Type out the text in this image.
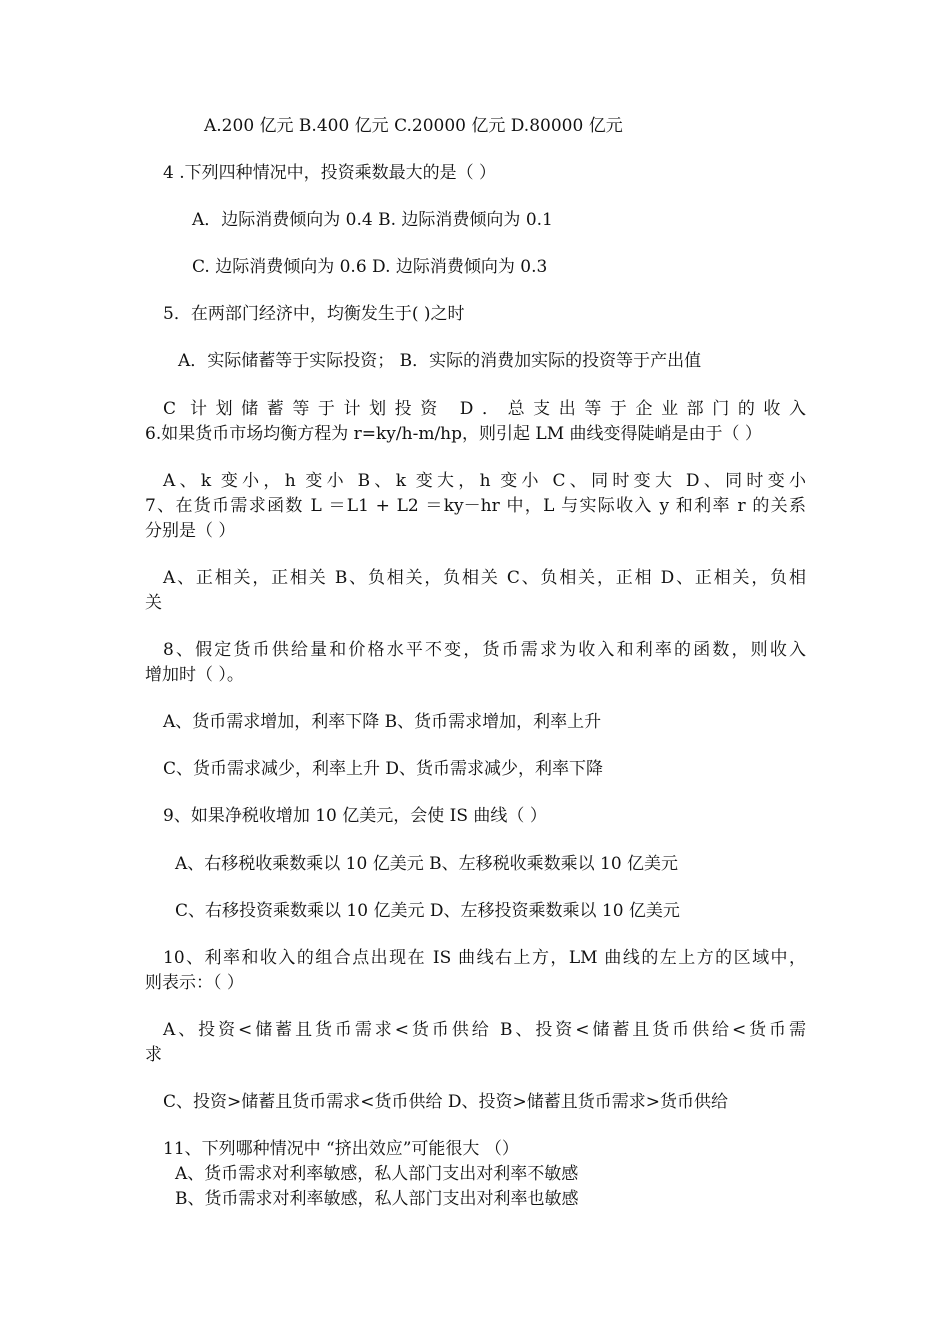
A.200 亿元 B.400 亿元 C.20000 亿元 D.80000 亿元
4 .下列四种情况中，投资乘数最大的是（ ）
A．边际消费倾向为 0.4 B. 边际消费倾向为 0.1
C. 边际消费倾向为 0.6 D. 边际消费倾向为 0.3
5．在两部门经济中，均衡发生于( )之时
A．实际储蓄等于实际投资； B．实际的消费加实际的投资等于产出值
C 计划储蓄等于计划投资 D．总支出等于企业部门的收入
6.如果货币市场均衡方程为 r=ky/h-m/hp，则引起 LM 曲线变得陡峭是由于（ ）
A、k 变小，h 变小 B、k 变大，h 变小 C、同时变大 D、同时变小
7、在货币需求函数 L ＝L1 + L2 ＝ky－hr 中，L 与实际收入 y 和利率 r 的关系
分别是（ ）
A、正相关，正相关 B、负相关，负相关 C、负相关，正相 D、正相关，负相
关
8、假定货币供给量和价格水平不变，货币需求为收入和利率的函数，则收入
增加时（ ）。
A、货币需求增加，利率下降 B、货币需求增加，利率上升
C、货币需求减少，利率上升 D、货币需求减少，利率下降
9、如果净税收增加 10 亿美元，会使 IS 曲线（ ）
A、右移税收乘数乘以 10 亿美元 B、左移税收乘数乘以 10 亿美元
C、右移投资乘数乘以 10 亿美元 D、左移投资乘数乘以 10 亿美元
10、利率和收入的组合点出现在 IS 曲线右上方，LM 曲线的左上方的区域中，
则表示：（ ）
A、投资<储蓄且货币需求<货币供给 B、投资<储蓄且货币供给<货币需
求
C、投资>储蓄且货币需求<货币供给 D、投资>储蓄且货币需求>货币供给
11、下列哪种情况中 “挤出效应”可能很大 （）
A、货币需求对利率敏感，私人部门支出对利率不敏感
B、货币需求对利率敏感，私人部门支出对利率也敏感
